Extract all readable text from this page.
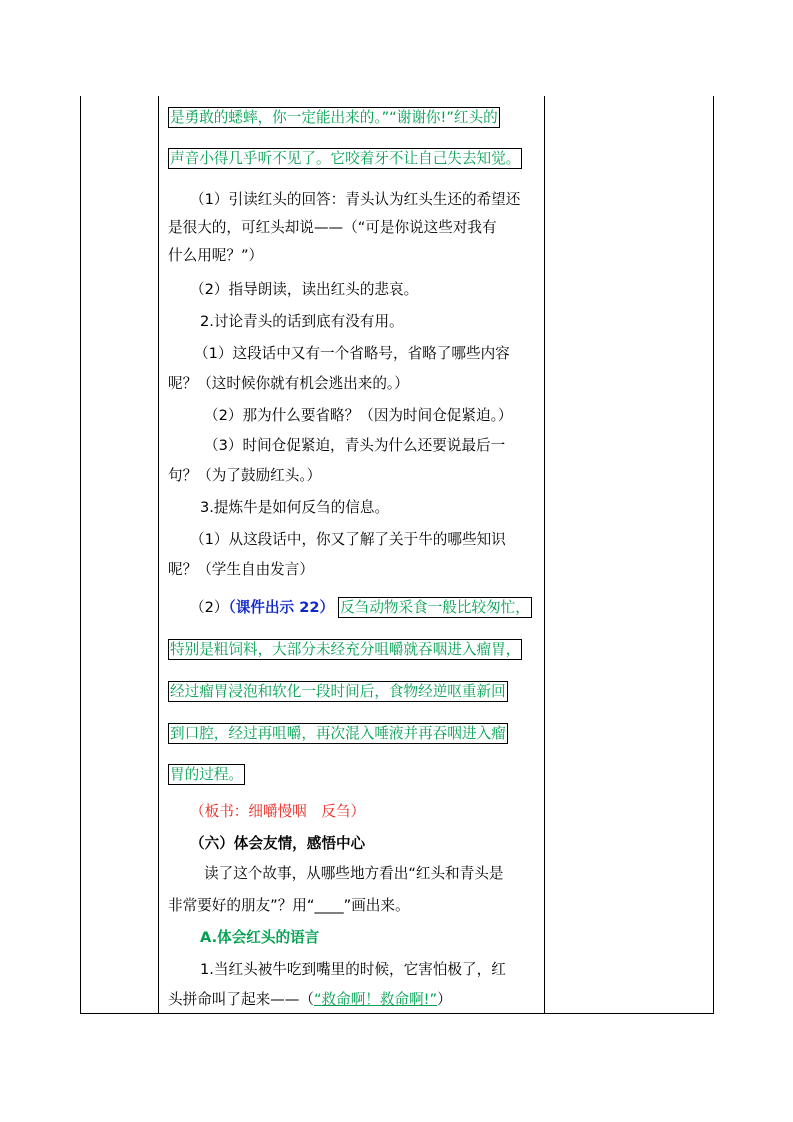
是勇敢的蟋蟀，你一定能出来的。”“谢谢你!”红头的
声音小得几乎听不见了。它咬着牙不让自己失去知觉。
（1）引读红头的回答：青头认为红头生还的希望还
是很大的，可红头却说——（“可是你说这些对我有
什么用呢？”）
（2）指导朗读，读出红头的悲哀。
2.讨论青头的话到底有没有用。
（1）这段话中又有一个省略号，省略了哪些内容
呢？（这时候你就有机会逃出来的。）
（2）那为什么要省略？（因为时间仓促紧迫。）
（3）时间仓促紧迫，青头为什么还要说最后一
句？（为了鼓励红头。）
3.提炼牛是如何反刍的信息。
（1）从这段话中，你又了解了关于牛的哪些知识
呢？（学生自由发言）
（2）（课件出示 22） 反刍动物采食一般比较匆忙，
特别是粗饲料，大部分未经充分咀嚼就吞咽进入瘤胃，
经过瘤胃浸泡和软化一段时间后，食物经逆呕重新回
到口腔，经过再咀嚼，再次混入唾液并再吞咽进入瘤
胃的过程。
（板书：细嚼慢咽　反刍）
（六）体会友情，感悟中心
读了这个故事，从哪些地方看出“红头和青头是
非常要好的朋友”？用“____”画出来。
A.体会红头的语言
1.当红头被牛吃到嘴里的时候，它害怕极了，红
头拼命叫了起来——（“救命啊！救命啊!”）
